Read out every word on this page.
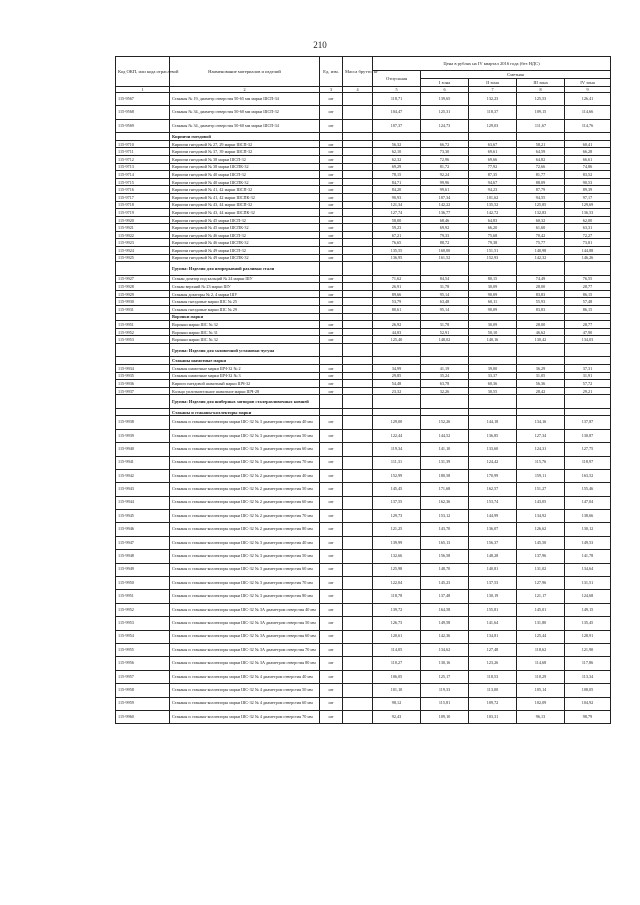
210
Код ОКП, или кода отраслевой	Наименование материалов и изделий	Ед. изм.	Масса брутто, кг	Цена в рублях на IV квартал 2016 года (без НДС)				
				Отпускная	Сметная			
					I зона	II зона	III зона	IV зона
1	2	3	4	5	6	7	8	9
115-9567	Стаканы № 19, диаметр отверстия 50-65 мм марки ШСП-34	шт		118,71	139,65	132,23	125,53	126,41
115-9568	Стаканы № 34, диаметр отверстия 50-60 мм марки ШСП-32	шт		104,47	125,31	118,37	109,15	114,66
115-9569	Стаканы № 34, диаметр отверстия 50-60 мм марки ШСП-34	шт		107,37	124,73	129,03	111,67	114,76
	Кирпичи гнездовой							
115-9710	Кирпичи гнездовой № 27, 29 марки ШСП-32	шт		56,32	66,72	63,67	58,21	60,41
115-9711	Кирпичи гнездовой № 37, 39 марки ШСП-32	шт		62,10	73,30	69,61	64,59	66,28
115-9712	Кирпичи гнездовой № 38 марки ШСП-32	шт		62,32	72,96	69,66	64,82	66,61
115-9713	Кирпичи гнездовой № 38 марки ШСПК-32	шт		69,29	81,72	77,92	72,66	74,86
115-9714	Кирпичи гнездовой № 40 марки ШСП-32	шт		78,15	92,24	87,35	81,77	83,52
115-9715	Кирпичи гнездовой № 40 марки ШСПК-32	шт		84,71	99,96	94,67	88,09	90,53
115-9716	Кирпичи гнездовой № 41, 42 марки ШСП-32	шт		84,20	99,61	94,23	87,79	89,39
115-9717	Кирпичи гнездовой № 41, 42 марки ШСПК-32	шт		90,93	107,34	101,62	94,55	97,17
115-9718	Кирпичи гнездовой № 43, 44 марки ШСП-32	шт		121,34	142,22	135,52	125,85	129,69
115-9719	Кирпичи гнездовой № 43, 44 марки ШСПК-32	шт		127,74	136,77	142,72	132,83	136,53
115-9920	Кирпичи гнездовой № 45 марки ШСП-32	шт		58,00	68,46	64,83	60,32	62,00
115-9921	Кирпичи гнездовой № 45 марки ШСПК-32	шт		59,23	69,92	66,20	61,60	63,31
115-9922	Кирпичи гнездовой № 46 марки ШСП-32	шт		67,21	79,33	75,68	70,42	72,27
115-9923	Кирпичи гнездовой № 46 марки ШСПК-32	шт		76,65	88,72	79,38	75,77	73,81
115-9924	Кирпичи гнездовой № 49 марки ШСП-32	шт		135,55	160,00	151,51	140,98	144,88
115-9925	Кирпичи гнездовой № 49 марки ШСПК-32	шт		136,95	161,52	152,93	142,32	146,26
	Группа: Изделия для непрерывной разливки стали							
115-9927	Стакан дозатор под кальций № 24 марки ШУ	шт		71,62	84,54	80,15	74,49	76,55
115-9928	Стакан верхний № 23 марки ШУ	шт		26,91	31,78	30,09	28,00	28,77
115-9929	Стаканы дозаторы № 2, 4 марки ШУ	шт		89,66	95,14	90,09	83,83	86,15
115-9930	Стаканы гнездовые марки ШС № 25	шт		53,79	63,48	60,11	55,93	57,48
115-9931	Стаканы гнездовые марки ШС № 29	шт		80,61	95,14	90,09	83,83	86,15
	Воронки марки							
115-9951	Воронки марки ШС № 32	шт		26,92	31,78	30,09	28,00	28,77
115-9952	Воронки марки ШС № 31	шт		44,83	52,91	50,10	46,62	47,90
115-9953	Воронки марки ШС № 32	шт		125,40	148,02	140,16	130,42	134,03
	Группа: Изделия для заливочной установки чугуна							
	Стаканы шамотные марки							
115-9934	Стаканы шамотные марки ШЧ-32 № 2	шт		34,99	41,19	39,00	36,29	37,31
115-9935	Стаканы шамотные марки ШЧ-32 № 3	шт		29,85	35,24	33,37	31,05	31,91
115-9936	Кирпич гнездовой шамотный марки ШЧ-32	шт		54,48	63,78	60,36	56,36	57,72
115-9937	Кольцо уплотнительное шамотное марки ШЧ-28	шт		23,32	32,26	30,55	28,42	29,21
	Группа: Изделия для шиберных затворов сталеразливочных ковшей							
	Стаканы и стаканы-коллекторы марки							
115-9938	Стаканы и стаканы-коллекторы марки ШС-32 № 3 диаметром отверстия 40 мм	шт		129,00	152,26	144,18	134,16	137,87
115-9939	Стаканы и стаканы-коллекторы марки ШС-32 № 3 диаметром отверстия 50 мм	шт		122,44	144,52	136,85	127,34	130,87
115-9940	Стаканы и стаканы-коллекторы марки ШС-32 № 3 диаметром отверстия 60 мм	шт		119,34	141,10	133,60	124,31	127,75
115-9941	Стаканы и стаканы-коллекторы марки ШС-32 № 3 диаметром отверстия 70 мм	шт		111,31	131,39	124,42	115,76	118,97
115-9942	Стаканы и стаканы-коллекторы марки ШС-32 № 2 диаметром отверстия 40 мм	шт		152,99	180,58	170,99	159,11	163,52
115-9943	Стаканы и стаканы-коллекторы марки ШС-32 № 2 диаметром отверстия 50 мм	шт		145,45	171,68	162,57	151,27	155,46
115-9944	Стаканы и стаканы-коллекторы марки ШС-32 № 2 диаметром отверстия 60 мм	шт		137,55	162,36	153,74	143,05	147,04
115-9945	Стаканы и стаканы-коллекторы марки ШС-32 № 2 диаметром отверстия 70 мм	шт		129,73	153,12	144,99	134,92	138,66
115-9946	Стаканы и стаканы-коллекторы марки ШС-32 № 2 диаметром отверстия 80 мм	шт		121,25	143,70	136,07	126,62	130,12
115-9947	Стаканы и стаканы-коллекторы марки ШС-32 № 3 диаметром отверстия 40 мм	шт		139,99	165,13	156,37	145,50	149,53
115-9948	Стаканы и стаканы-коллекторы марки ШС-32 № 3 диаметром отверстия 50 мм	шт		132,66	156,58	148,28	137,96	141,78
115-9949	Стаканы и стаканы-коллекторы марки ШС-32 № 3 диаметром отверстия 60 мм	шт		125,98	148,70	140,81	131,02	134,64
115-9950	Стаканы и стаканы-коллекторы марки ШС-32 № 3 диаметром отверстия 70 мм	шт		122,04	145,23	137,53	127,96	131,51
115-9951	Стаканы и стаканы-коллекторы марки ШС-32 № 3 диаметром отверстия 80 мм	шт		118,78	137,48	130,19	121,17	124,68
115-9952	Стаканы и стаканы-коллекторы марки ШС-32 № 3А диаметром отверстия 40 мм	шт		139,72	164,58	155,81	145,01	149,15
115-9953	Стаканы и стаканы-коллекторы марки ШС-32 № 3А диаметром отверстия 50 мм	шт		126,73	149,58	141,64	131,80	135,45
115-9954	Стаканы и стаканы-коллекторы марки ШС-32 № 3А диаметром отверстия 60 мм	шт		120,61	142,36	134,81	125,44	128,91
115-9955	Стаканы и стаканы-коллекторы марки ШС-32 № 3А диаметром отверстия 70 мм	шт		114,05	134,62	127,48	118,62	121,90
115-9956	Стаканы и стаканы-коллекторы марки ШС-32 № 3А диаметром отверстия 80 мм	шт		110,27	130,16	123,26	114,68	117,86
115-9957	Стаканы и стаканы-коллекторы марки ШС-32 № 4 диаметром отверстия 40 мм	шт		106,05	125,17	118,53	110,29	113,34
115-9958	Стаканы и стаканы-коллекторы марки ШС-32 № 4 диаметром отверстия 50 мм	шт		101,10	119,33	113,00	105,14	108,05
115-9959	Стаканы и стаканы-коллекторы марки ШС-32 № 4 диаметром отверстия 60 мм	шт		98,12	115,81	109,72	102,09	104,92
115-9960	Стаканы и стаканы-коллекторы марки ШС-32 № 4 диаметром отверстия 70 мм	шт		92,43	109,10	103,31	96,13	98,79
